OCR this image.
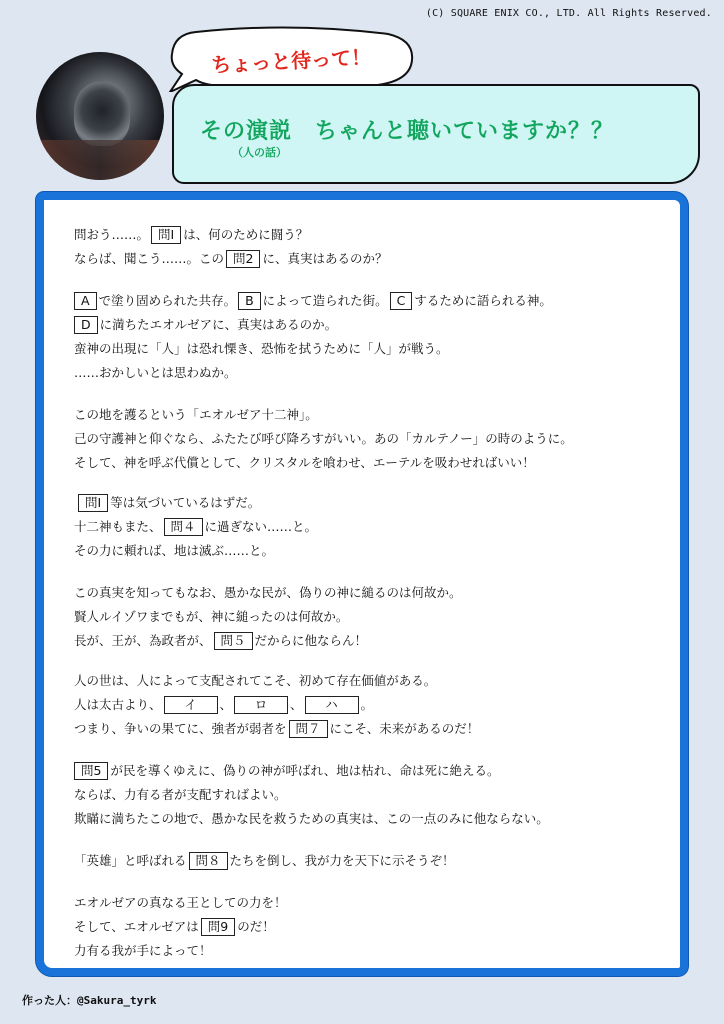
(C) SQUARE ENIX CO., LTD. All Rights Reserved.
ちょっと待って！
その演説　ちゃんと聴いていますか？？
（人の話）
問おう……。 問I は、何のために闘う？
ならば、聞こう……。この 問2 に、真実はあるのか？
A で塗り固められた共存。 B によって造られた街。 C するために語られる神。
D に満ちたエオルゼアに、真実はあるのか。
蛮神の出現に「人」は恐れ慄き、恐怖を拭うために「人」が戦う。
……おかしいとは思わぬか。
この地を護るという「エオルゼア十二神」。
己の守護神と仰ぐなら、ふたたび呼び降ろすがいい。あの「カルテノー」の時のように。
そして、神を呼ぶ代償として、クリスタルを喰わせ、エーテルを吸わせればいい！
問I 等は気づいているはずだ。
十二神もまた、 問４ に過ぎない……と。
その力に頼れば、地は滅ぶ……と。
この真実を知ってもなお、愚かな民が、偽りの神に縋るのは何故か。
賢人ルイゾワまでもが、神に縋ったのは何故か。
長が、王が、為政者が、 問５ だからに他ならん！
人の世は、人によって支配されてこそ、初めて存在価値がある。
人は太古より、 イ 、 ロ 、 ハ 。
つまり、争いの果てに、強者が弱者を 問７ にこそ、未来があるのだ！
問5 が民を導くゆえに、偽りの神が呼ばれ、地は枯れ、命は死に絶える。
ならば、力有る者が支配すればよい。
欺瞞に満ちたこの地で、愚かな民を救うための真実は、この一点のみに他ならない。
「英雄」と呼ばれる 問８ たちを倒し、我が力を天下に示そうぞ！
エオルゼアの真なる王としての力を！
そして、エオルゼアは 問9 のだ！
力有る我が手によって！
作った人：@Sakura_tyrk
